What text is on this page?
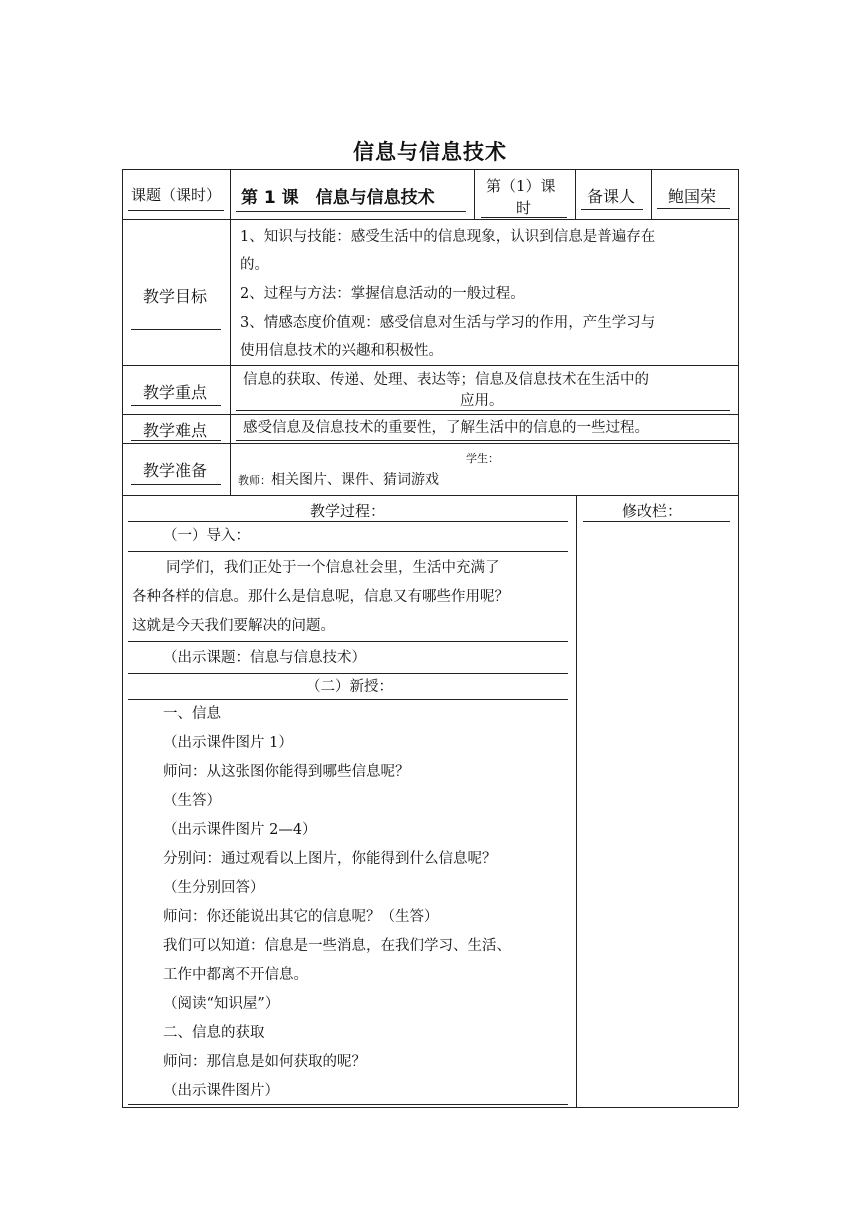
信息与信息技术
课题（课时） 第 1 课　信息与信息技术
第（1）课
时
备课人 鲍国荣
教学目标
1、知识与技能：感受生活中的信息现象，认识到信息是普遍存在
的。
2、过程与方法：掌握信息活动的一般过程。
3、情感态度价值观：感受信息对生活与学习的作用，产生学习与
使用信息技术的兴趣和积极性。
教学重点
信息的获取、传递、处理、表达等；信息及信息技术在生活中的
应用。
教学难点 感受信息及信息技术的重要性，了解生活中的信息的一些过程。
教学准备
学生：
教师：相关图片、课件、猜词游戏
教学过程：	修改栏：
（一）导入：
同学们，我们正处于一个信息社会里，生活中充满了
各种各样的信息。那什么是信息呢，信息又有哪些作用呢？
这就是今天我们要解决的问题。
（出示课题：信息与信息技术）
（二）新授：
一、信息
（出示课件图片 1）
师问：从这张图你能得到哪些信息呢？
（生答）
（出示课件图片 2—4）
分别问：通过观看以上图片，你能得到什么信息呢？
（生分别回答）
师问：你还能说出其它的信息呢？（生答）
我们可以知道：信息是一些消息，在我们学习、生活、
工作中都离不开信息。
（阅读“知识屋”）
二、信息的获取
师问：那信息是如何获取的呢？
（出示课件图片）
